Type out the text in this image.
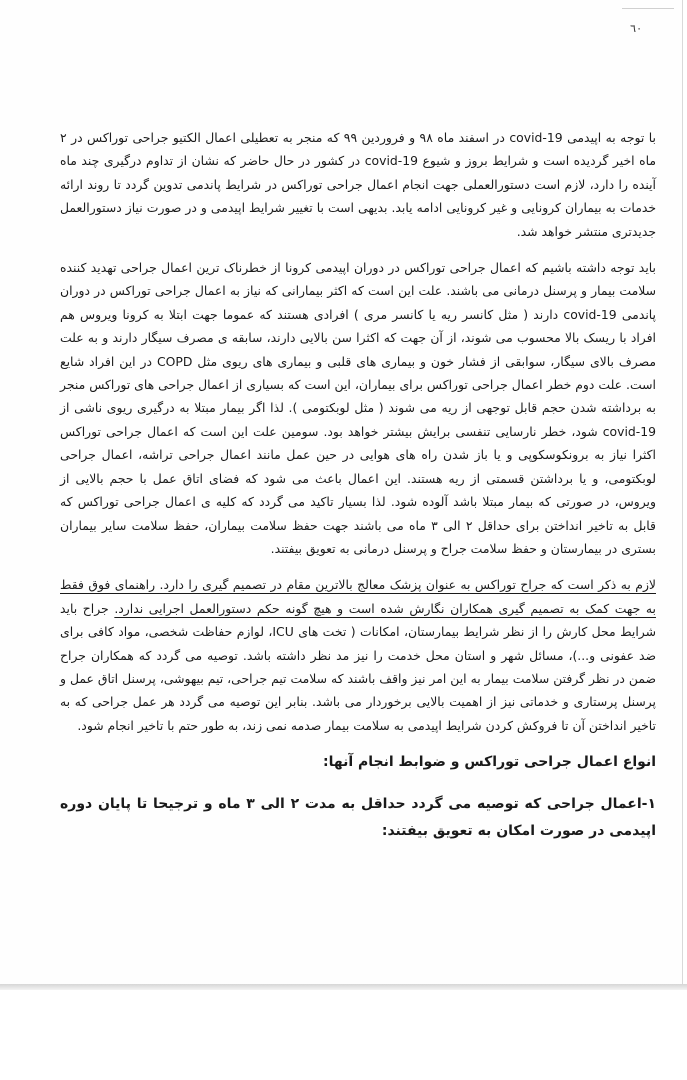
٦٠

با توجه به اپیدمی covid-19 در اسفند ماه ۹۸ و فروردین ۹۹ که منجر به تعطیلی اعمال الکتیو جراحی توراکس در ۲ ماه اخیر گردیده است و شرایط بروز و شیوع covid-19 در کشور در حال حاضر که نشان از تداوم درگیری چند ماه آینده را دارد، لازم است دستورالعملی جهت انجام اعمال جراحی توراکس در شرایط پاندمی تدوین گردد تا روند ارائه خدمات به بیماران کرونایی و غیر کرونایی ادامه یابد. بدیهی است با تغییر شرایط اپیدمی و در صورت نیاز دستورالعمل جدیدتری منتشر خواهد شد.

باید توجه داشته باشیم که اعمال جراحی توراکس در دوران اپیدمی کرونا از خطرناک ترین اعمال جراحی تهدید کننده سلامت بیمار و پرسنل درمانی می باشند. علت این است که اکثر بیمارانی که نیاز به اعمال جراحی توراکس در دوران پاندمی covid-19 دارند ( مثل کانسر ریه یا کانسر مری ) افرادی هستند که عموما جهت ابتلا به کرونا ویروس هم افراد با ریسک بالا محسوب می شوند، از آن جهت که اکثرا سن بالایی دارند، سابقه ی مصرف سیگار دارند و به علت مصرف بالای سیگار، سوابقی از فشار خون و بیماری های قلبی و بیماری های ریوی مثل COPD در این افراد شایع است. علت دوم خطر اعمال جراحی توراکس برای بیماران، این است که بسیاری از اعمال جراحی های توراکس منجر به برداشته شدن حجم قابل توجهی از ریه می شوند ( مثل لوبکتومی ). لذا اگر بیمار مبتلا به درگیری ریوی ناشی از covid-19 شود، خطر نارسایی تنفسی برایش بیشتر خواهد بود. سومین علت این است که اعمال جراحی توراکس اکثرا نیاز به برونکوسکوپی و یا باز شدن راه های هوایی در حین عمل مانند اعمال جراحی تراشه، اعمال جراحی لوبکتومی، و یا برداشتن قسمتی از ریه هستند. این اعمال باعث می شود که فضای اتاق عمل با حجم بالایی از ویروس، در صورتی که بیمار مبتلا باشد آلوده شود. لذا بسیار تاکید می گردد که کلیه ی اعمال جراحی توراکس که قابل به تاخیر انداختن برای حداقل ۲ الی ۳ ماه می باشند جهت حفظ سلامت بیماران، حفظ سلامت سایر بیماران بستری در بیمارستان و حفظ سلامت جراح و پرسنل درمانی به تعویق بیفتند.

لازم به ذکر است که جراح توراکس به عنوان پزشک معالج بالاترین مقام در تصمیم گیری را دارد. راهنمای فوق فقط به جهت کمک به تصمیم گیری همکاران نگارش شده است و هیچ گونه حکم دستورالعمل اجرایی ندارد. جراح باید شرایط محل کارش را از نظر شرایط بیمارستان، امکانات ( تخت های ICU، لوازم حفاظت شخصی، مواد کافی برای ضد عفونی و...)، مسائل شهر و استان محل خدمت را نیز مد نظر داشته باشد. توصیه می گردد که همکاران جراح ضمن در نظر گرفتن سلامت بیمار به این امر نیز واقف باشند که سلامت تیم جراحی، تیم بیهوشی، پرسنل اتاق عمل و پرسنل پرستاری و خدماتی نیز از اهمیت بالایی برخوردار می باشد. بنابر این توصیه می گردد هر عمل جراحی که به تاخیر انداختن آن تا فروکش کردن شرایط اپیدمی به سلامت بیمار صدمه نمی زند، به طور حتم با تاخیر انجام شود.

انواع اعمال جراحی توراکس و ضوابط انجام آنها:

۱-اعمال جراحی که توصیه می گردد حداقل به مدت ۲ الی ۳ ماه و ترجیحا تا پایان دوره اپیدمی در صورت امکان به تعویق بیفتند:
